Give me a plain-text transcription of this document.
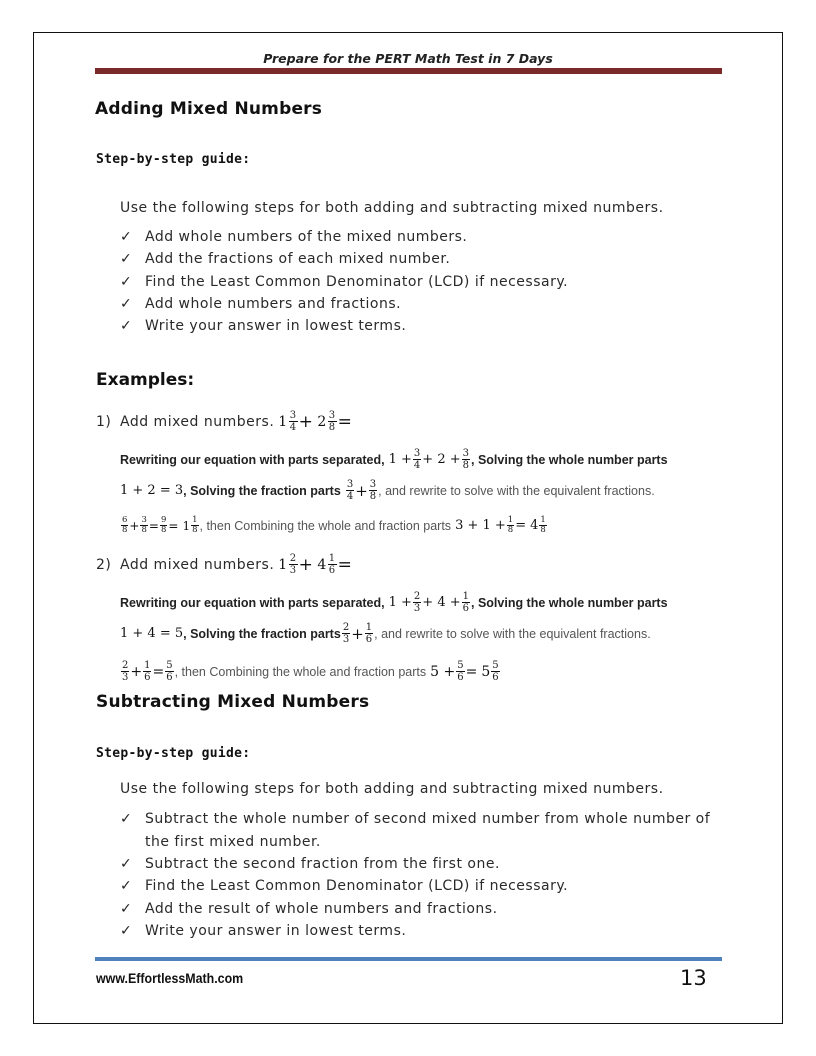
Prepare for the PERT Math Test in 7 Days
Adding Mixed Numbers
Step-by-step guide:
Use the following steps for both adding and subtracting mixed numbers.
✓ Add whole numbers of the mixed numbers.
✓ Add the fractions of each mixed number.
✓ Find the Least Common Denominator (LCD) if necessary.
✓ Add whole numbers and fractions.
✓ Write your answer in lowest terms.
Examples:
1) Add mixed numbers. $1 \frac{3}{4} + 2 \frac{3}{8}$ =
Rewriting our equation with parts separated, $1 + \frac{3}{4} + 2 + \frac{3}{8}$ , Solving the whole number parts
1 + 2 = 3 , Solving the fraction parts $\frac{3}{4} + \frac{3}{8}$ , and rewrite to solve with the equivalent fractions.
$\frac{6}{8} + \frac{3}{8} = \frac{9}{8} = 1 \frac{1}{8}$ , then Combining the whole and fraction parts $3 + 1 + \frac{1}{8} = 4 \frac{1}{8}$
2) Add mixed numbers. $1 \frac{2}{3} + 4 \frac{1}{6}$ =
Rewriting our equation with parts separated, $1 + \frac{2}{3} + 4 + \frac{1}{6}$ , Solving the whole number parts
1 + 4 = 5 , Solving the fraction parts $\frac{2}{3} + \frac{1}{6}$ , and rewrite to solve with the equivalent fractions.
$\frac{2}{3} + \frac{1}{6} = \frac{5}{6}$ , then Combining the whole and fraction parts $5 + \frac{5}{6} = 5 \frac{5}{6}$
Subtracting Mixed Numbers
Step-by-step guide:
Use the following steps for both adding and subtracting mixed numbers.
✓ Subtract the whole number of second mixed number from whole number of
the first mixed number.
✓ Subtract the second fraction from the first one.
✓ Find the Least Common Denominator (LCD) if necessary.
✓ Add the result of whole numbers and fractions.
✓ Write your answer in lowest terms.
www.EffortlessMath.com	13
